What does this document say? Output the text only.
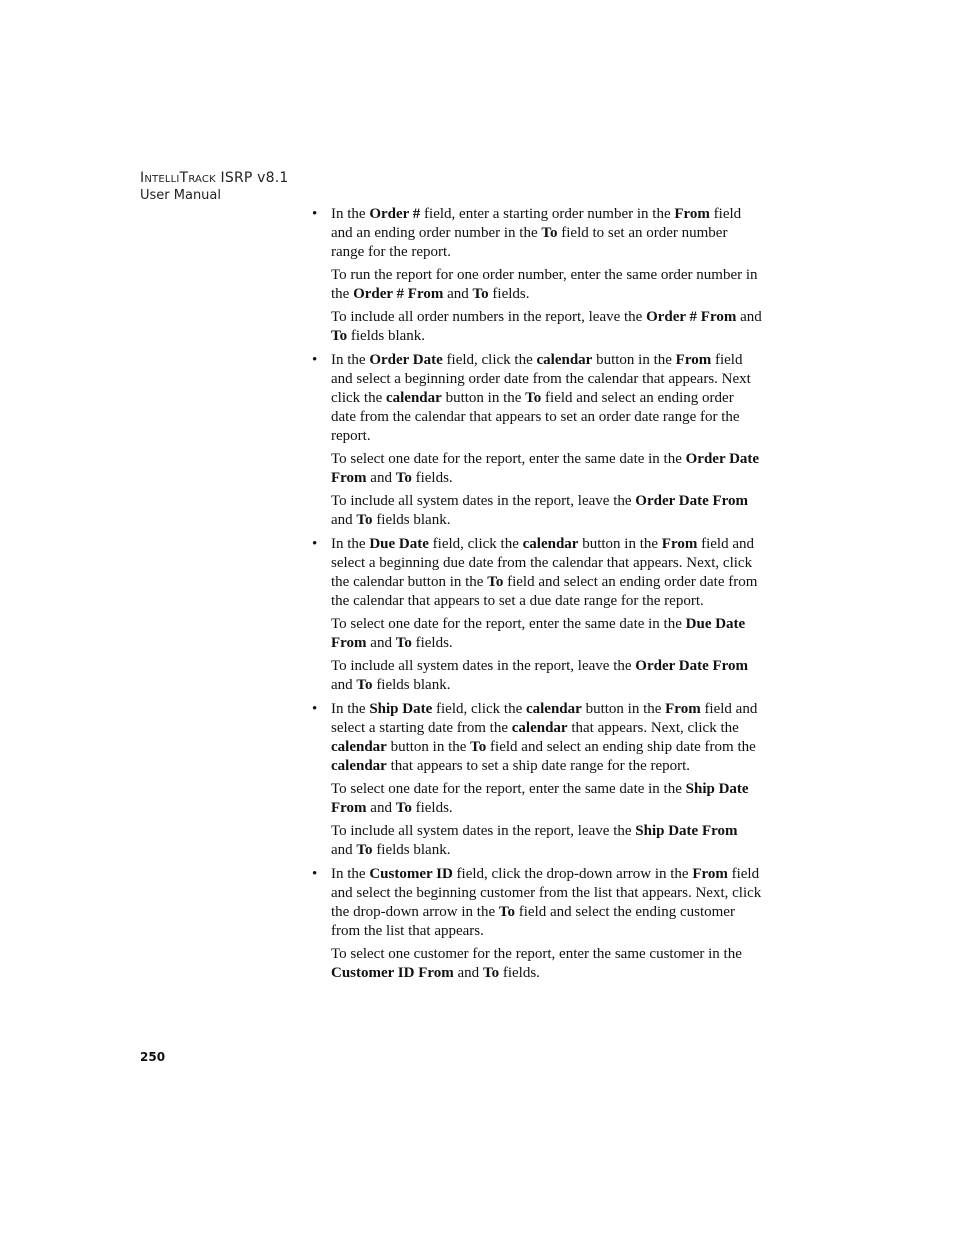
IntelliTrack ISRP v8.1
User Manual
• In the Order # field, enter a starting order number in the From field and an ending order number in the To field to set an order number range for the report.

To run the report for one order number, enter the same order number in the Order # From and To fields.

To include all order numbers in the report, leave the Order # From and To fields blank.

• In the Order Date field, click the calendar button in the From field and select a beginning order date from the calendar that appears. Next click the calendar button in the To field and select an ending order date from the calendar that appears to set an order date range for the report.

To select one date for the report, enter the same date in the Order Date From and To fields.

To include all system dates in the report, leave the Order Date From and To fields blank.

• In the Due Date field, click the calendar button in the From field and select a beginning due date from the calendar that appears. Next, click the calendar button in the To field and select an ending order date from the calendar that appears to set a due date range for the report.

To select one date for the report, enter the same date in the Due Date From and To fields.

To include all system dates in the report, leave the Order Date From and To fields blank.

• In the Ship Date field, click the calendar button in the From field and select a starting date from the calendar that appears. Next, click the calendar button in the To field and select an ending ship date from the calendar that appears to set a ship date range for the report.

To select one date for the report, enter the same date in the Ship Date From and To fields.

To include all system dates in the report, leave the Ship Date From and To fields blank.

• In the Customer ID field, click the drop-down arrow in the From field and select the beginning customer from the list that appears. Next, click the drop-down arrow in the To field and select the ending customer from the list that appears.

To select one customer for the report, enter the same customer in the Customer ID From and To fields.

250
